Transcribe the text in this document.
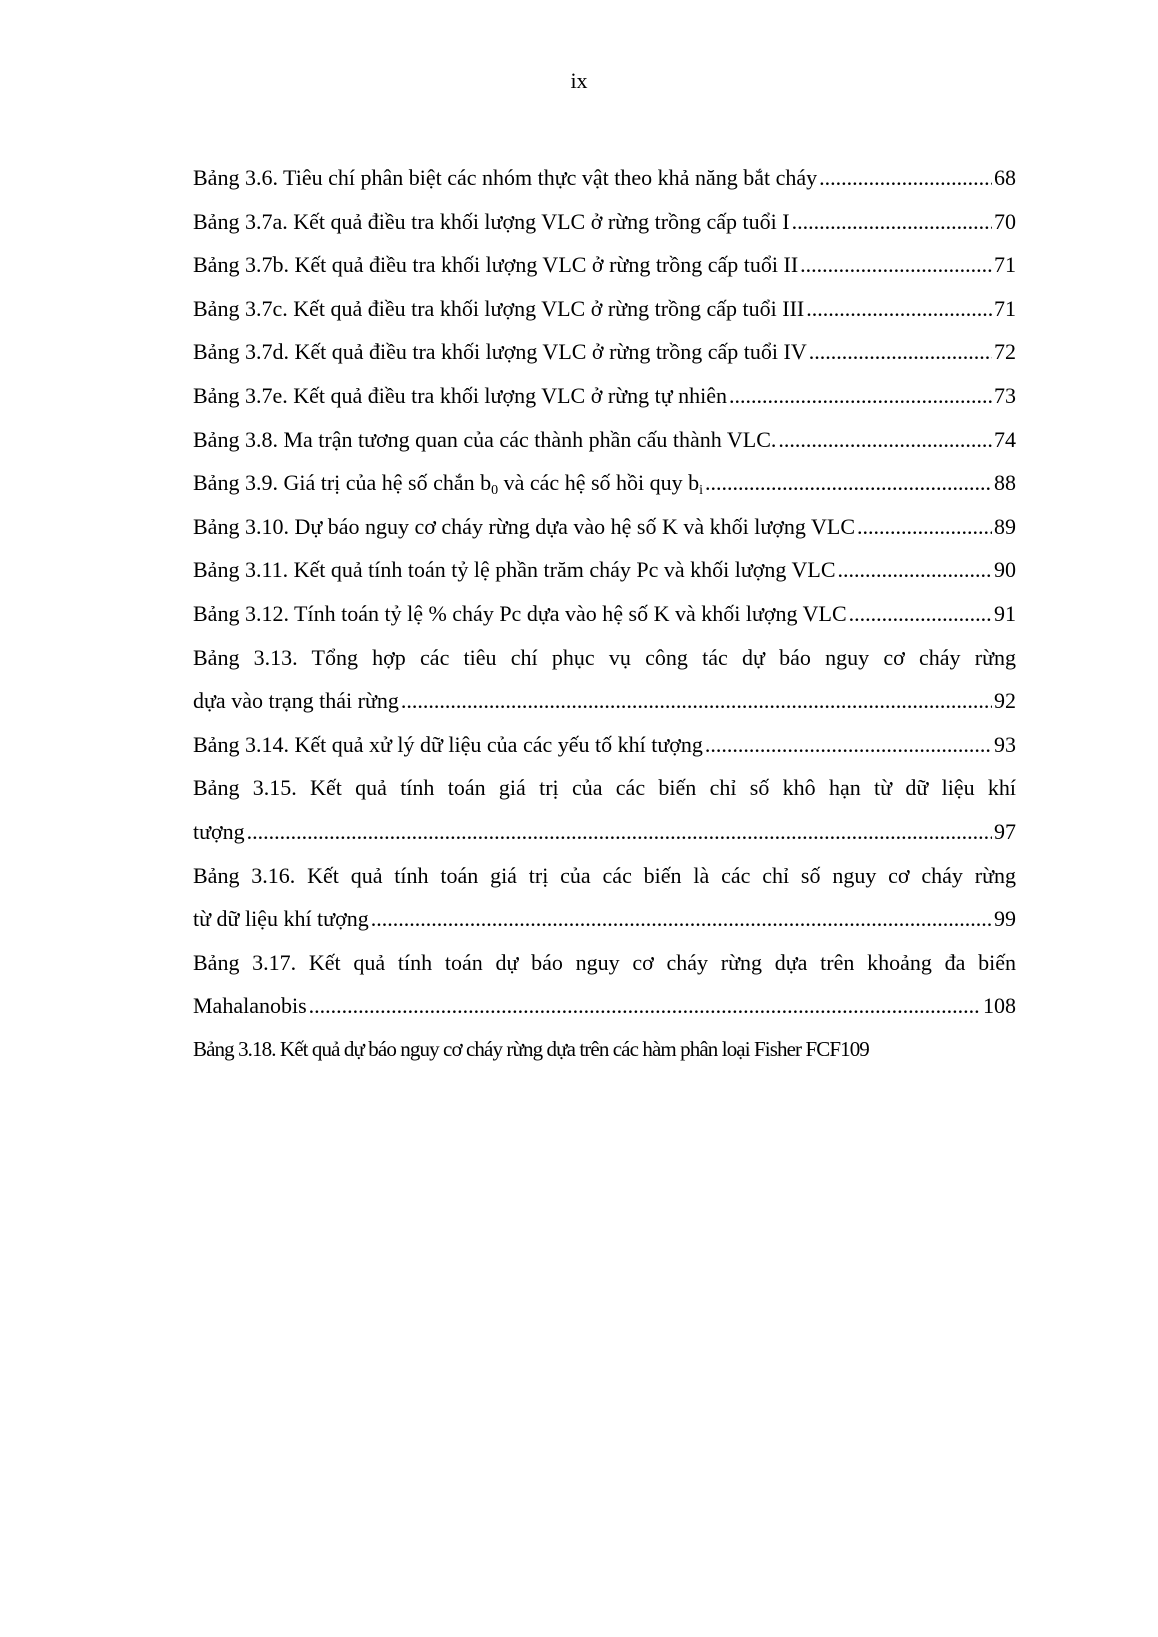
ix
Bảng 3.6. Tiêu chí phân biệt các nhóm thực vật theo khả năng bắt cháy .....	68
Bảng 3.7a. Kết quả điều tra khối lượng VLC ở rừng trồng cấp tuổi I .....	70
Bảng 3.7b. Kết quả điều tra khối lượng VLC ở rừng trồng cấp tuổi II .....	71
Bảng 3.7c. Kết quả điều tra khối lượng VLC ở rừng trồng cấp tuổi III .....	71
Bảng 3.7d. Kết quả điều tra khối lượng VLC ở rừng trồng cấp tuổi IV .....	72
Bảng 3.7e. Kết quả điều tra khối lượng VLC ở rừng tự nhiên .....	73
Bảng 3.8. Ma trận tương quan của các thành phần cấu thành VLC. .....	74
Bảng 3.9. Giá trị của hệ số chắn $b_0$ và các hệ số hồi quy $b_i$ .....	88
Bảng 3.10. Dự báo nguy cơ cháy rừng dựa vào hệ số K và khối lượng VLC .....	89
Bảng 3.11. Kết quả tính toán tỷ lệ phần trăm cháy Pc và khối lượng VLC .....	90
Bảng 3.12. Tính toán tỷ lệ % cháy Pc dựa vào hệ số K và khối lượng VLC .....	91
Bảng 3.13. Tổng hợp các tiêu chí phục vụ công tác dự báo nguy cơ cháy rừng
dựa vào trạng thái rừng .....	92
Bảng 3.14. Kết quả xử lý dữ liệu của các yếu tố khí tượng .....	93
Bảng 3.15. Kết quả tính toán giá trị của các biến chỉ số khô hạn từ dữ liệu khí
tượng .....	97
Bảng 3.16. Kết quả tính toán giá trị của các biến là các chỉ số nguy cơ cháy rừng
từ dữ liệu khí tượng .....	99
Bảng 3.17. Kết quả tính toán dự báo nguy cơ cháy rừng dựa trên khoảng đa biến
Mahalanobis .....	108
Bảng 3.18. Kết quả dự báo nguy cơ cháy rừng dựa trên các hàm phân loại Fisher FCF 109
